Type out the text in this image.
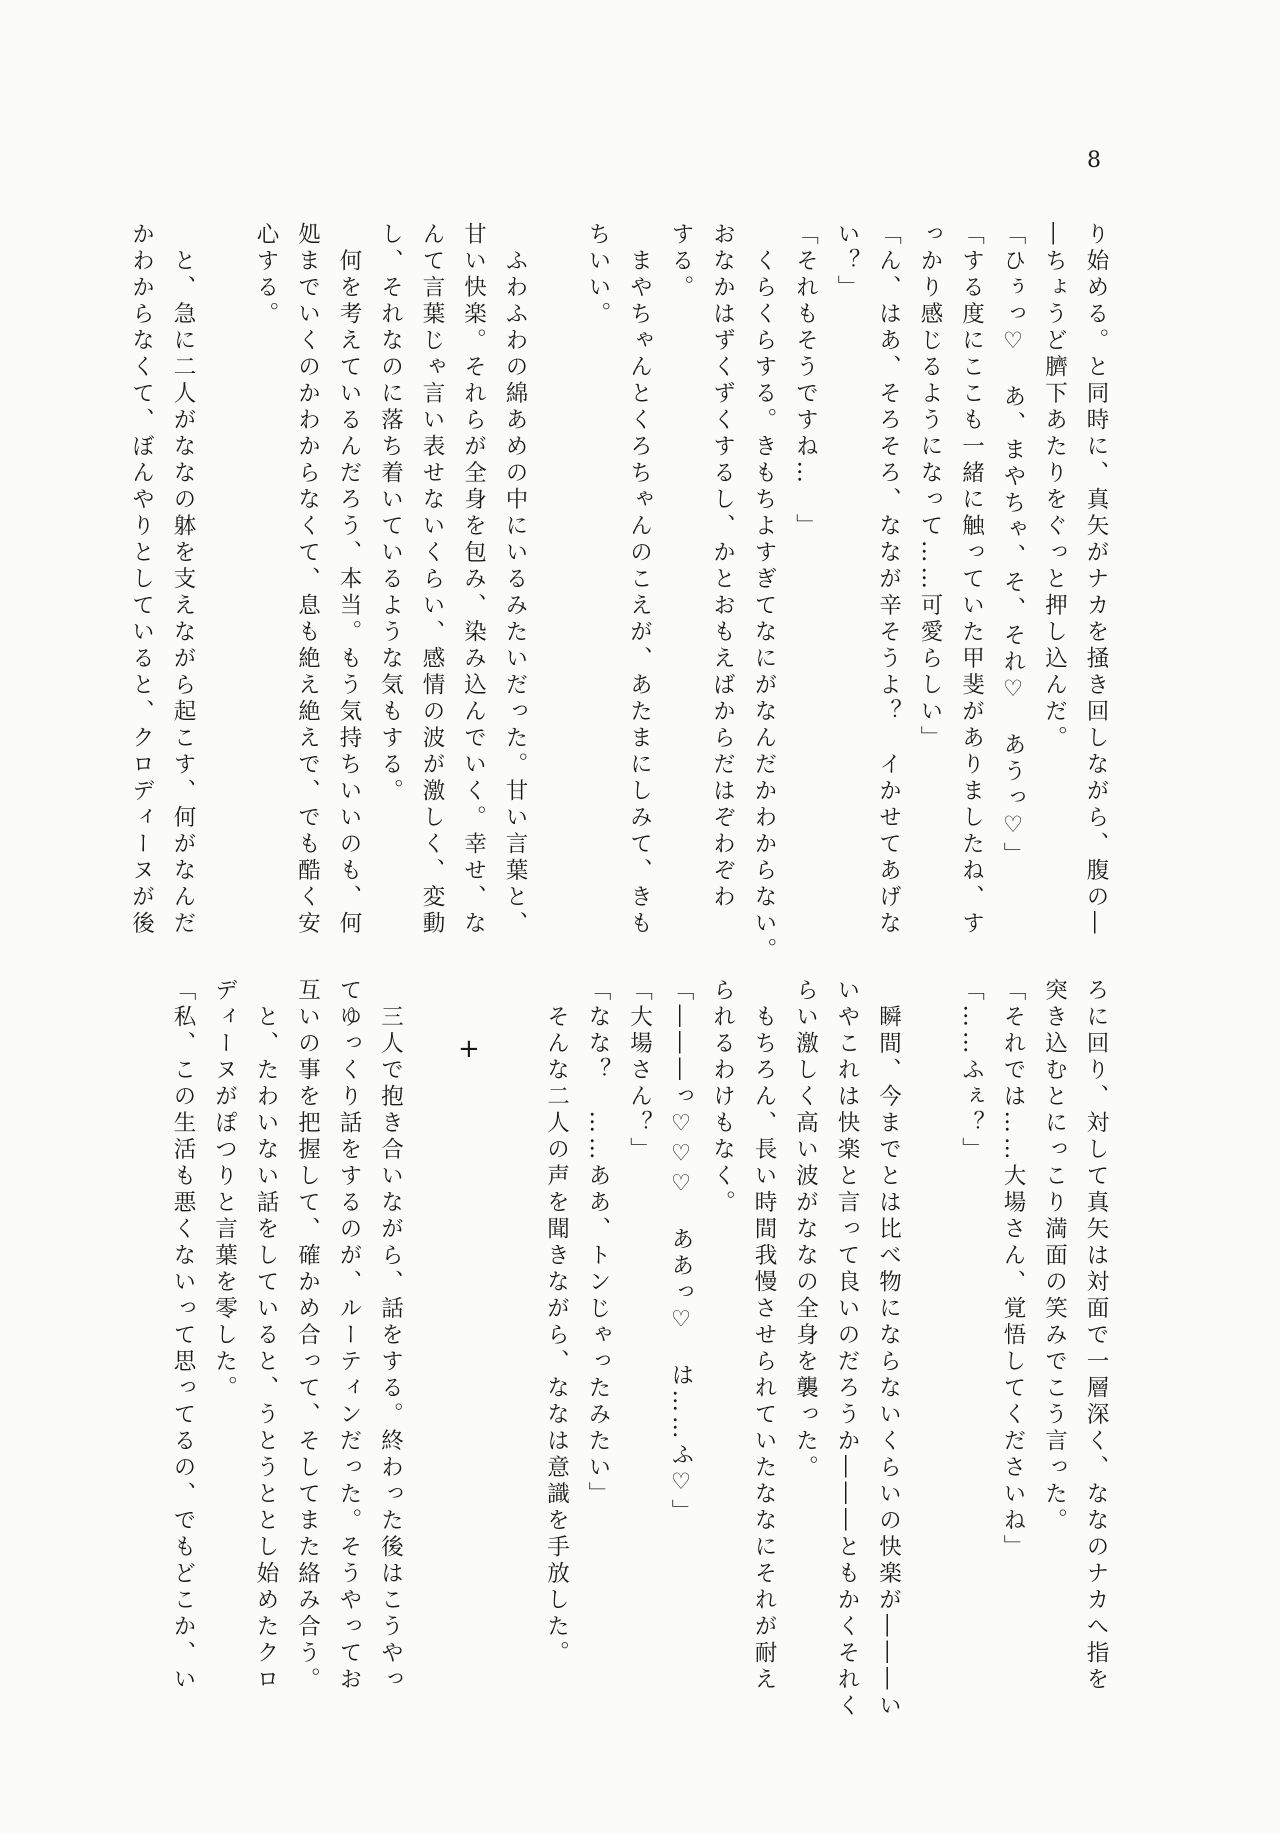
8
り始める。と同時に、真矢がナカを掻き回しながら、腹の―
―ちょうど臍下あたりをぐっと押し込んだ。
「ひぅっ♡　あ、まやちゃ、そ、それ♡　あうっ♡」
「する度にここも一緒に触っていた甲斐がありましたね、す
っかり感じるようになって……可愛らしい」
「ん、はあ、そろそろ、ななが辛そうよ？　イかせてあげな
い？」
「それもそうですね…　」
　くらくらする。きもちよすぎてなにがなんだかわからない。
おなかはずくずくするし、かとおもえばからだはぞわぞわ
する。
　まやちゃんとくろちゃんのこえが、あたまにしみて、きも
ちいい。

　ふわふわの綿あめの中にいるみたいだった。甘い言葉と、
甘い快楽。それらが全身を包み、染み込んでいく。幸せ、な
んて言葉じゃ言い表せないくらい、感情の波が激しく、変動
し、それなのに落ち着いているような気もする。
　何を考えているんだろう、本当。もう気持ちいいのも、何
処までいくのかわからなくて、息も絶え絶えで、でも酷く安
心する。

　と、急に二人がななの躰を支えながら起こす、何がなんだ
かわからなくて、ぼんやりとしていると、クロディーヌが後
+	ろに回り、対して真矢は対面で一層深く、ななのナカへ指を
突き込むとにっこり満面の笑みでこう言った。
「それでは……大場さん、覚悟してくださいね」
「……ふぇ？」

　瞬間、今までとは比べ物にならないくらいの快楽が―――い
いやこれは快楽と言って良いのだろうか―――ともかくそれく
らい激しく高い波がななの全身を襲った。
　もちろん、長い時間我慢させられていたななにそれが耐え
られるわけもなく。
「―――っ♡♡♡　ああっ♡　は……ふ♡」
「大場さん？」
「なな？　……ああ、トンじゃったみたい」
　そんな二人の声を聞きながら、ななは意識を手放した。

　三人で抱き合いながら、話をする。終わった後はこうやっ
てゆっくり話をするのが、ルーティンだった。そうやってお
互いの事を把握して、確かめ合って、そしてまた絡み合う。
　と、たわいない話をしていると、うとうととし始めたクロ
ディーヌがぽつりと言葉を零した。
「私、この生活も悪くないって思ってるの、でもどこか、い
